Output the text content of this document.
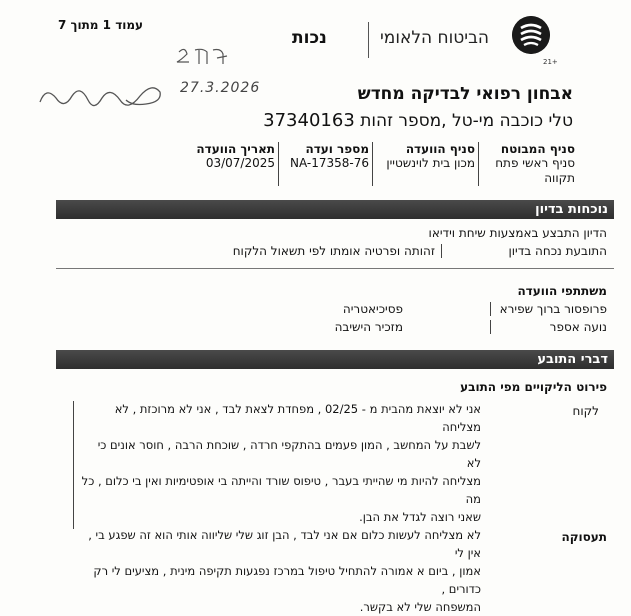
עמוד 1 מתוך 7
21+
הביטוח הלאומי
נכות
27.3.2026	אבחון רפואי לבדיקה מחדש
טלי כוכבה מי-טל ,מספר זהות 37340163
סניף המבוטח
סניף ראשי פתח תקווה
סניף הוועדה
מכון בית לוינשטיין
מספר ועדה
NA-17358-76
תאריך הוועדה
03/07/2025
נוכחות בדיון
הדיון התבצע באמצעות שיחת וידיאו
התובעת נכחה בדיון
זהותה ופרטיה אומתו לפי תשאול הלקוח
משתתפי הוועדה
פרופסור ברוך שפירא
פסיכיאטריה
נועה אספר
מזכיר הישיבה
דברי התובע
פירוט הליקויים מפי התובע
לקוח

אני לא יוצאת מהבית מ - 02/25 , מפחדת לצאת לבד , אני לא מרוכזת , לא מצליחה

לשבת על המחשב , המון פעמים בהתקפי חרדה , שוכחת הרבה , חוסר אונים כי לא

מצליחה להיות מי שהייתי בעבר , טיפוס שורד והייתה בי אופטימיות ואין בי כלום , כל מה

שאני רוצה לגדל את הבן.

לא מצליחה לעשות כלום אם אני לבד , הבן זוג שלי שליווה אותי הוא זה שפגע בי , אין לי

אמון , ביום א אמורה להתחיל טיפול במרכז נפגעות תקיפה מינית , מציעים לי רק כדורים ,

המשפחה שלי לא בקשר.

תעסוקה
